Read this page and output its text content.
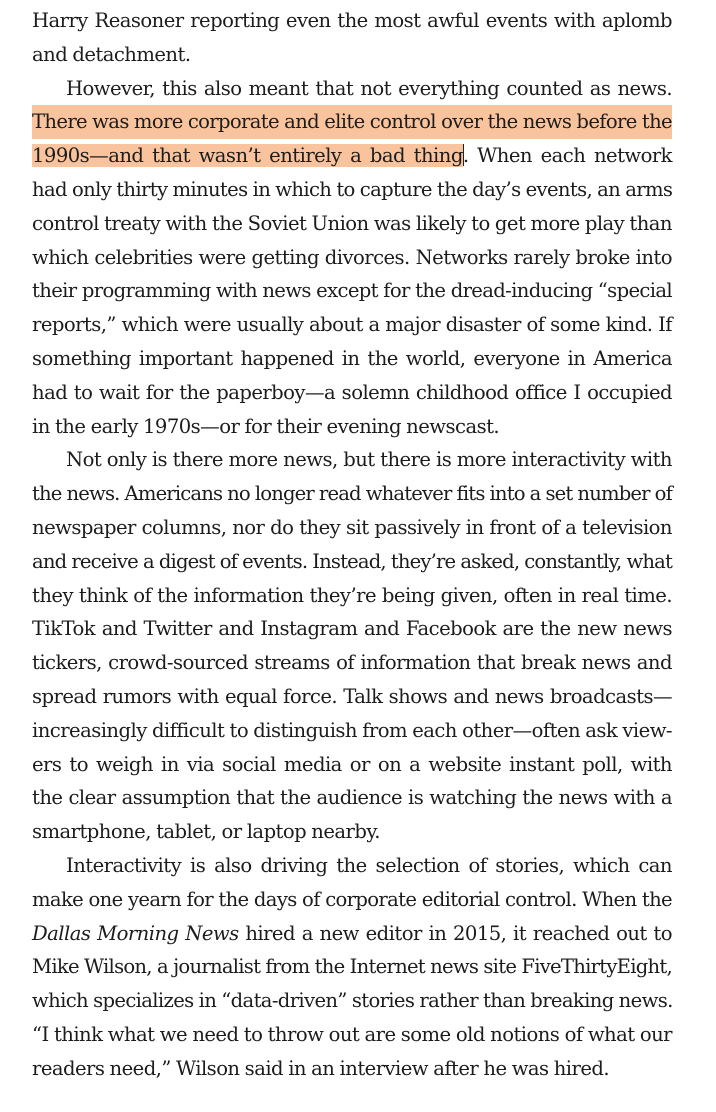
Harry Reasoner reporting even the most awful events with aplomb
and detachment.
However, this also meant that not everything counted as news.
There was more corporate and elite control over the news before the
1990s—and that wasn’t entirely a bad thing. When each network
had only thirty minutes in which to capture the day’s events, an arms
control treaty with the Soviet Union was likely to get more play than
which celebrities were getting divorces. Networks rarely broke into
their programming with news except for the dread-inducing “special
reports,” which were usually about a major disaster of some kind. If
something important happened in the world, everyone in America
had to wait for the paperboy—a solemn childhood office I occupied
in the early 1970s—or for their evening newscast.
Not only is there more news, but there is more interactivity with
the news. Americans no longer read whatever fits into a set number of
newspaper columns, nor do they sit passively in front of a television
and receive a digest of events. Instead, they’re asked, constantly, what
they think of the information they’re being given, often in real time.
TikTok and Twitter and Instagram and Facebook are the new news
tickers, crowd-sourced streams of information that break news and
spread rumors with equal force. Talk shows and news broadcasts—
increasingly difficult to distinguish from each other—often ask view-
ers to weigh in via social media or on a website instant poll, with
the clear assumption that the audience is watching the news with a
smartphone, tablet, or laptop nearby.
Interactivity is also driving the selection of stories, which can
make one yearn for the days of corporate editorial control. When the
Dallas Morning News hired a new editor in 2015, it reached out to
Mike Wilson, a journalist from the Internet news site FiveThirtyEight,
which specializes in “data-driven” stories rather than breaking news.
“I think what we need to throw out are some old notions of what our
readers need,” Wilson said in an interview after he was hired.
